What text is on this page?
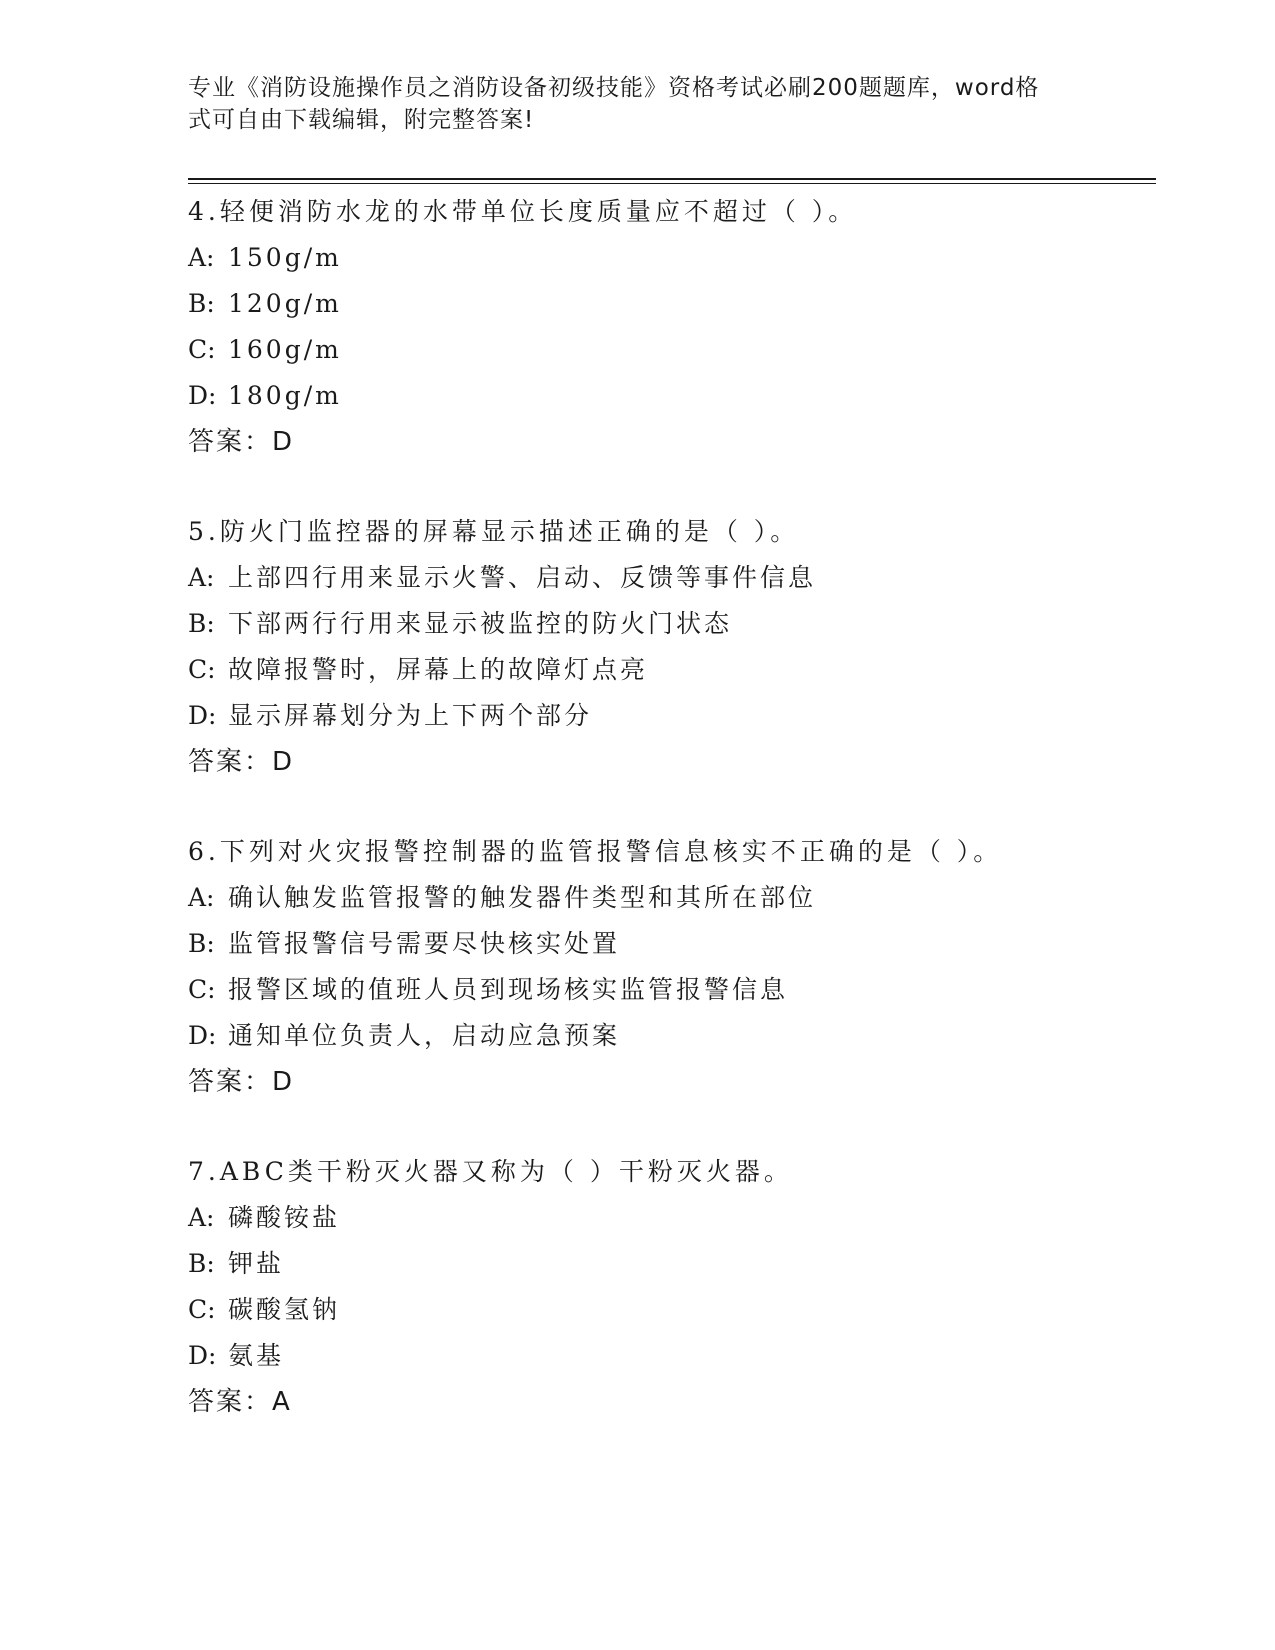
专业《消防设施操作员之消防设备初级技能》资格考试必刷200题题库，word格
式可自由下载编辑，附完整答案!
4.轻便消防水龙的水带单位长度质量应不超过（ ）。
A: 150g/m
B: 120g/m
C: 160g/m
D: 180g/m
答案：D
5.防火门监控器的屏幕显示描述正确的是（ ）。
A: 上部四行用来显示火警、启动、反馈等事件信息
B: 下部两行行用来显示被监控的防火门状态
C: 故障报警时，屏幕上的故障灯点亮
D: 显示屏幕划分为上下两个部分
答案：D
6.下列对火灾报警控制器的监管报警信息核实不正确的是（ ）。
A: 确认触发监管报警的触发器件类型和其所在部位
B: 监管报警信号需要尽快核实处置
C: 报警区域的值班人员到现场核实监管报警信息
D: 通知单位负责人，启动应急预案
答案：D
7.ABC类干粉灭火器又称为（ ）干粉灭火器。
A: 磷酸铵盐
B: 钾盐
C: 碳酸氢钠
D: 氨基
答案：A
